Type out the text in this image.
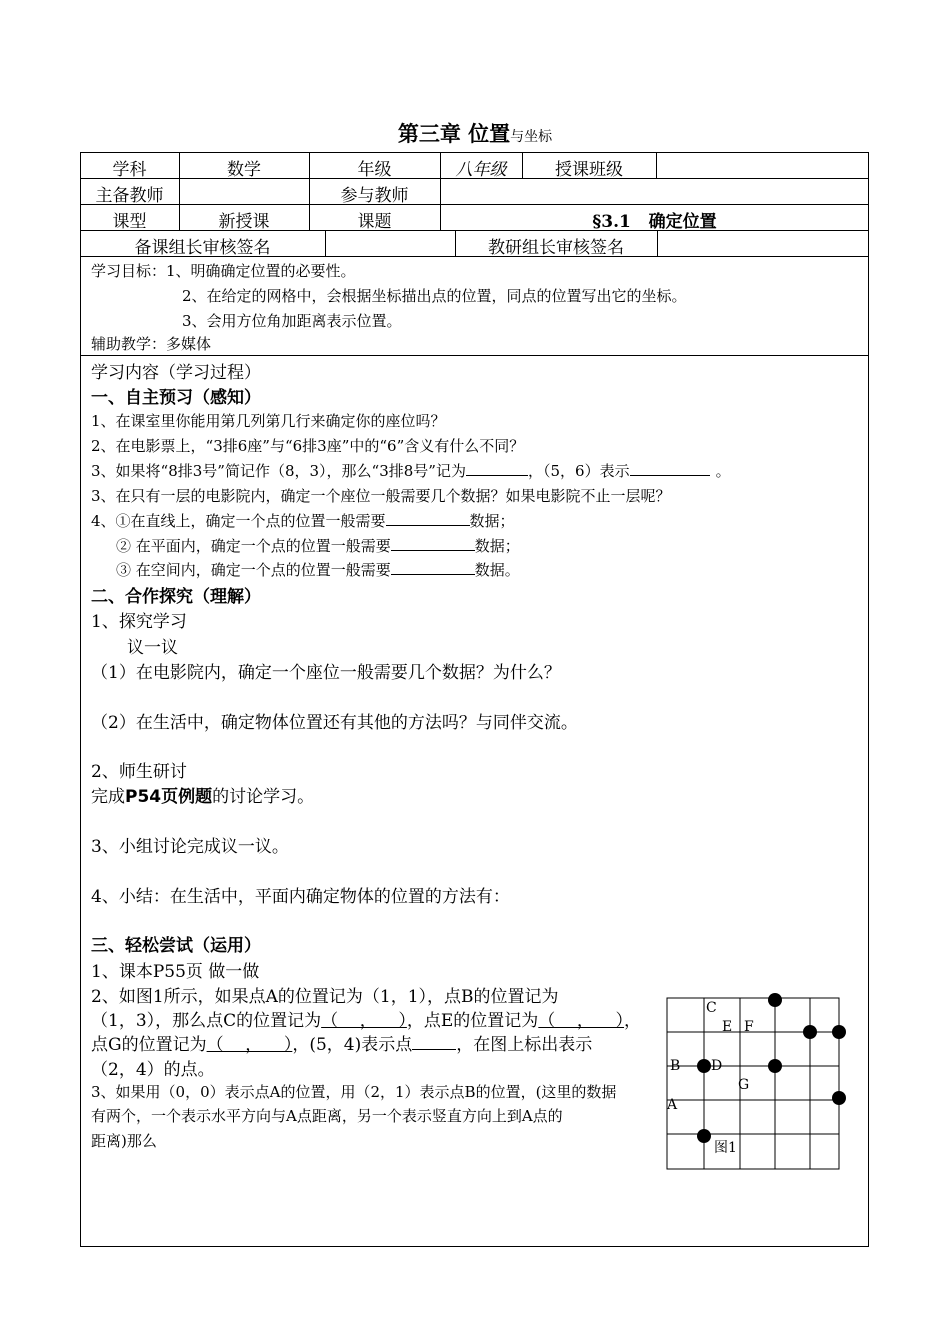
第三章 位置与坐标
学科	数学	年级	八年级	授课班级
主备教师	参与教师
课型	新授课	课题	§3.1   确定位置
备课组长审核签名	教研组长审核签名
学习目标：1、明确确定位置的必要性。
2、在给定的网格中，会根据坐标描出点的位置，同点的位置写出它的坐标。
3、会用方位角加距离表示位置。
辅助教学：多媒体
学习内容（学习过程）
一、自主预习（感知）
1、在课室里你能用第几列第几行来确定你的座位吗？
2、在电影票上，“3排6座”与“6排3座”中的“6”含义有什么不同？
3、如果将“8排3号”简记作（8，3），那么“3排8号”记为	，（5，6）表示	。
3、在只有一层的电影院内，确定一个座位一般需要几个数据？如果电影院不止一层呢？
4、①在直线上，确定一个点的位置一般需要	数据；
② 在平面内，确定一个点的位置一般需要	数据；
③ 在空间内，确定一个点的位置一般需要	数据。
二、合作探究（理解）
1、探究学习
议一议
（1）在电影院内，确定一个座位一般需要几个数据？为什么？
（2）在生活中，确定物体位置还有其他的方法吗？与同伴交流。
2、师生研讨
完成P54页例题的讨论学习。
3、小组讨论完成议一议。
4、小结：在生活中，平面内确定物体的位置的方法有：
三、轻松尝试（运用）
1、课本P55页 做一做
2、如图1所示，如果点A的位置记为（1，1），点B的位置记为
（1，3），那么点C的位置记为（    ，    ），点E的位置记为（    ，    ），
点G的位置记为（    ，    ），(5，4)表示点	，在图上标出表示
（2，4）的点。
3、如果用（0，0）表示点A的位置，用（2，1）表示点B的位置，(这里的数据
有两个，一个表示水平方向与A点距离，另一个表示竖直方向上到A点的
距离)那么
C
E F
B D
G
A
图1
